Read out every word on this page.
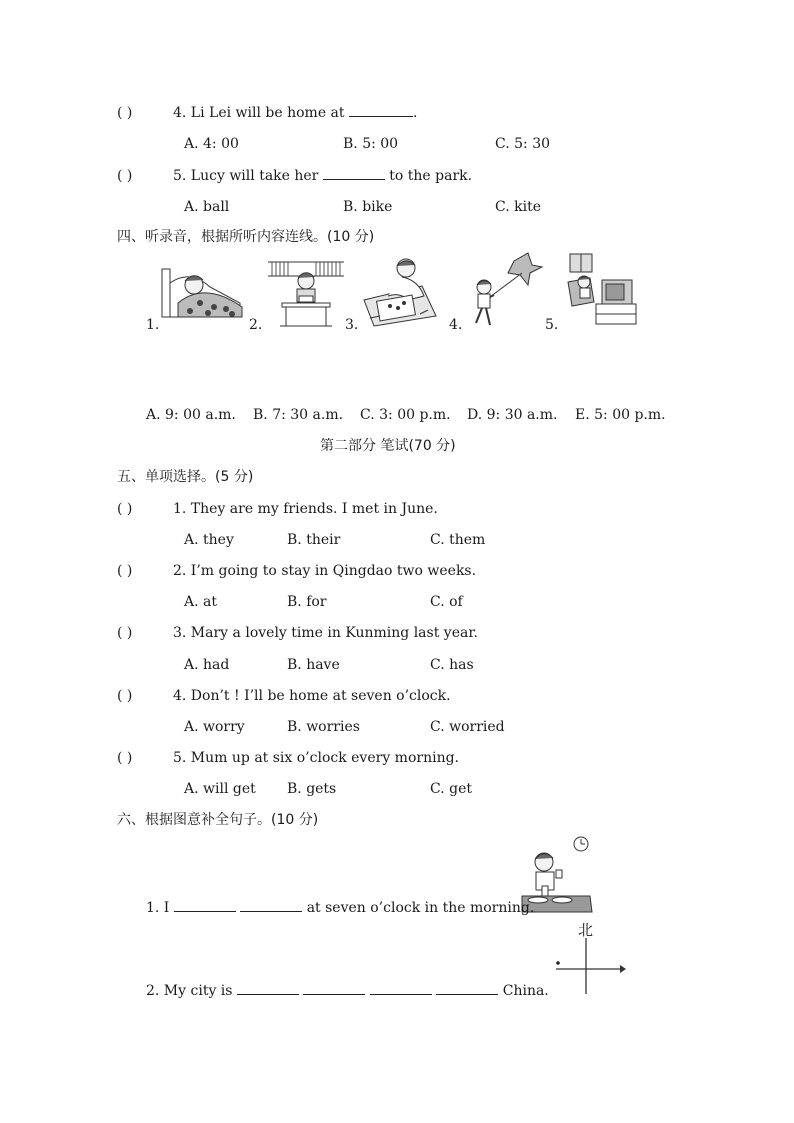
( )	4. Li Lei will be home at	.
A. 4: 00	B. 5: 00	C. 5: 30
( )	5. Lucy will take her	to the park.
A. ball	B. bike	C. kite
四、听录音，根据所听内容连线。(10 分)
1.	2.	3.	4.	5.
A. 9: 00 a.m. B. 7: 30 a.m. C. 3: 00 p.m. D. 9: 30 a.m. E. 5: 00 p.m.
第二部分 笔试(70 分)
五、单项选择。(5 分)
( )	1. They are my friends. I met in June.
A. they	B. their	C. them
( )	2. I’m going to stay in Qingdao two weeks.
A. at	B. for	C. of
( )	3. Mary a lovely time in Kunming last year.
A. had	B. have	C. has
( )	4. Don’t ! I’ll be home at seven o’clock.
A. worry	B. worries	C. worried
( )	5. Mum up at six o’clock every morning.
A. will get B. gets	C. get
六、根据图意补全句子。(10 分)
1. I	at seven o’clock in the morning.
北
2. My city is	China.
